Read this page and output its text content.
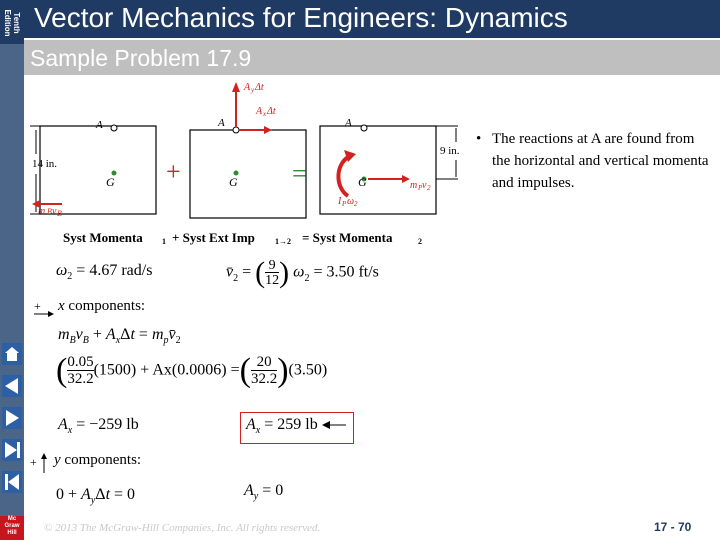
Tenth Edition
Mc
Graw
Hill
Vector Mechanics for Engineers: Dynamics
Sample Problem 17.9
A
G
14 in.
m B v B
+
A
G
A y Δt
A x Δt
=
A
G
I P ω 2
m P v 2
9 in.
Syst Momenta 1 + Syst Ext Imp	1→2 = Syst Momenta	2
• The reactions at A are found from the horizontal and vertical momenta and impulses.
$\omega_2 = 4.67$ rad/s	$v̄_2 = (\frac{9}{12}) \omega_2 = 3.50$ ft/s
+ x components:
$m_Bv_B + A_x\Delta t$ = $m_pv̄_2$
($\frac{0.05}{32.2}(1500) + Ax(0.0006) =(\frac{20}{32.2})(3.50)$
$A_x = -259$ lb	$A_x = 259$ lb
+ y components:
$0 + A_y\Delta t = 0$	$A_y = 0$
© 2013 The McGraw-Hill Companies, Inc. All rights reserved.	17 - 70
